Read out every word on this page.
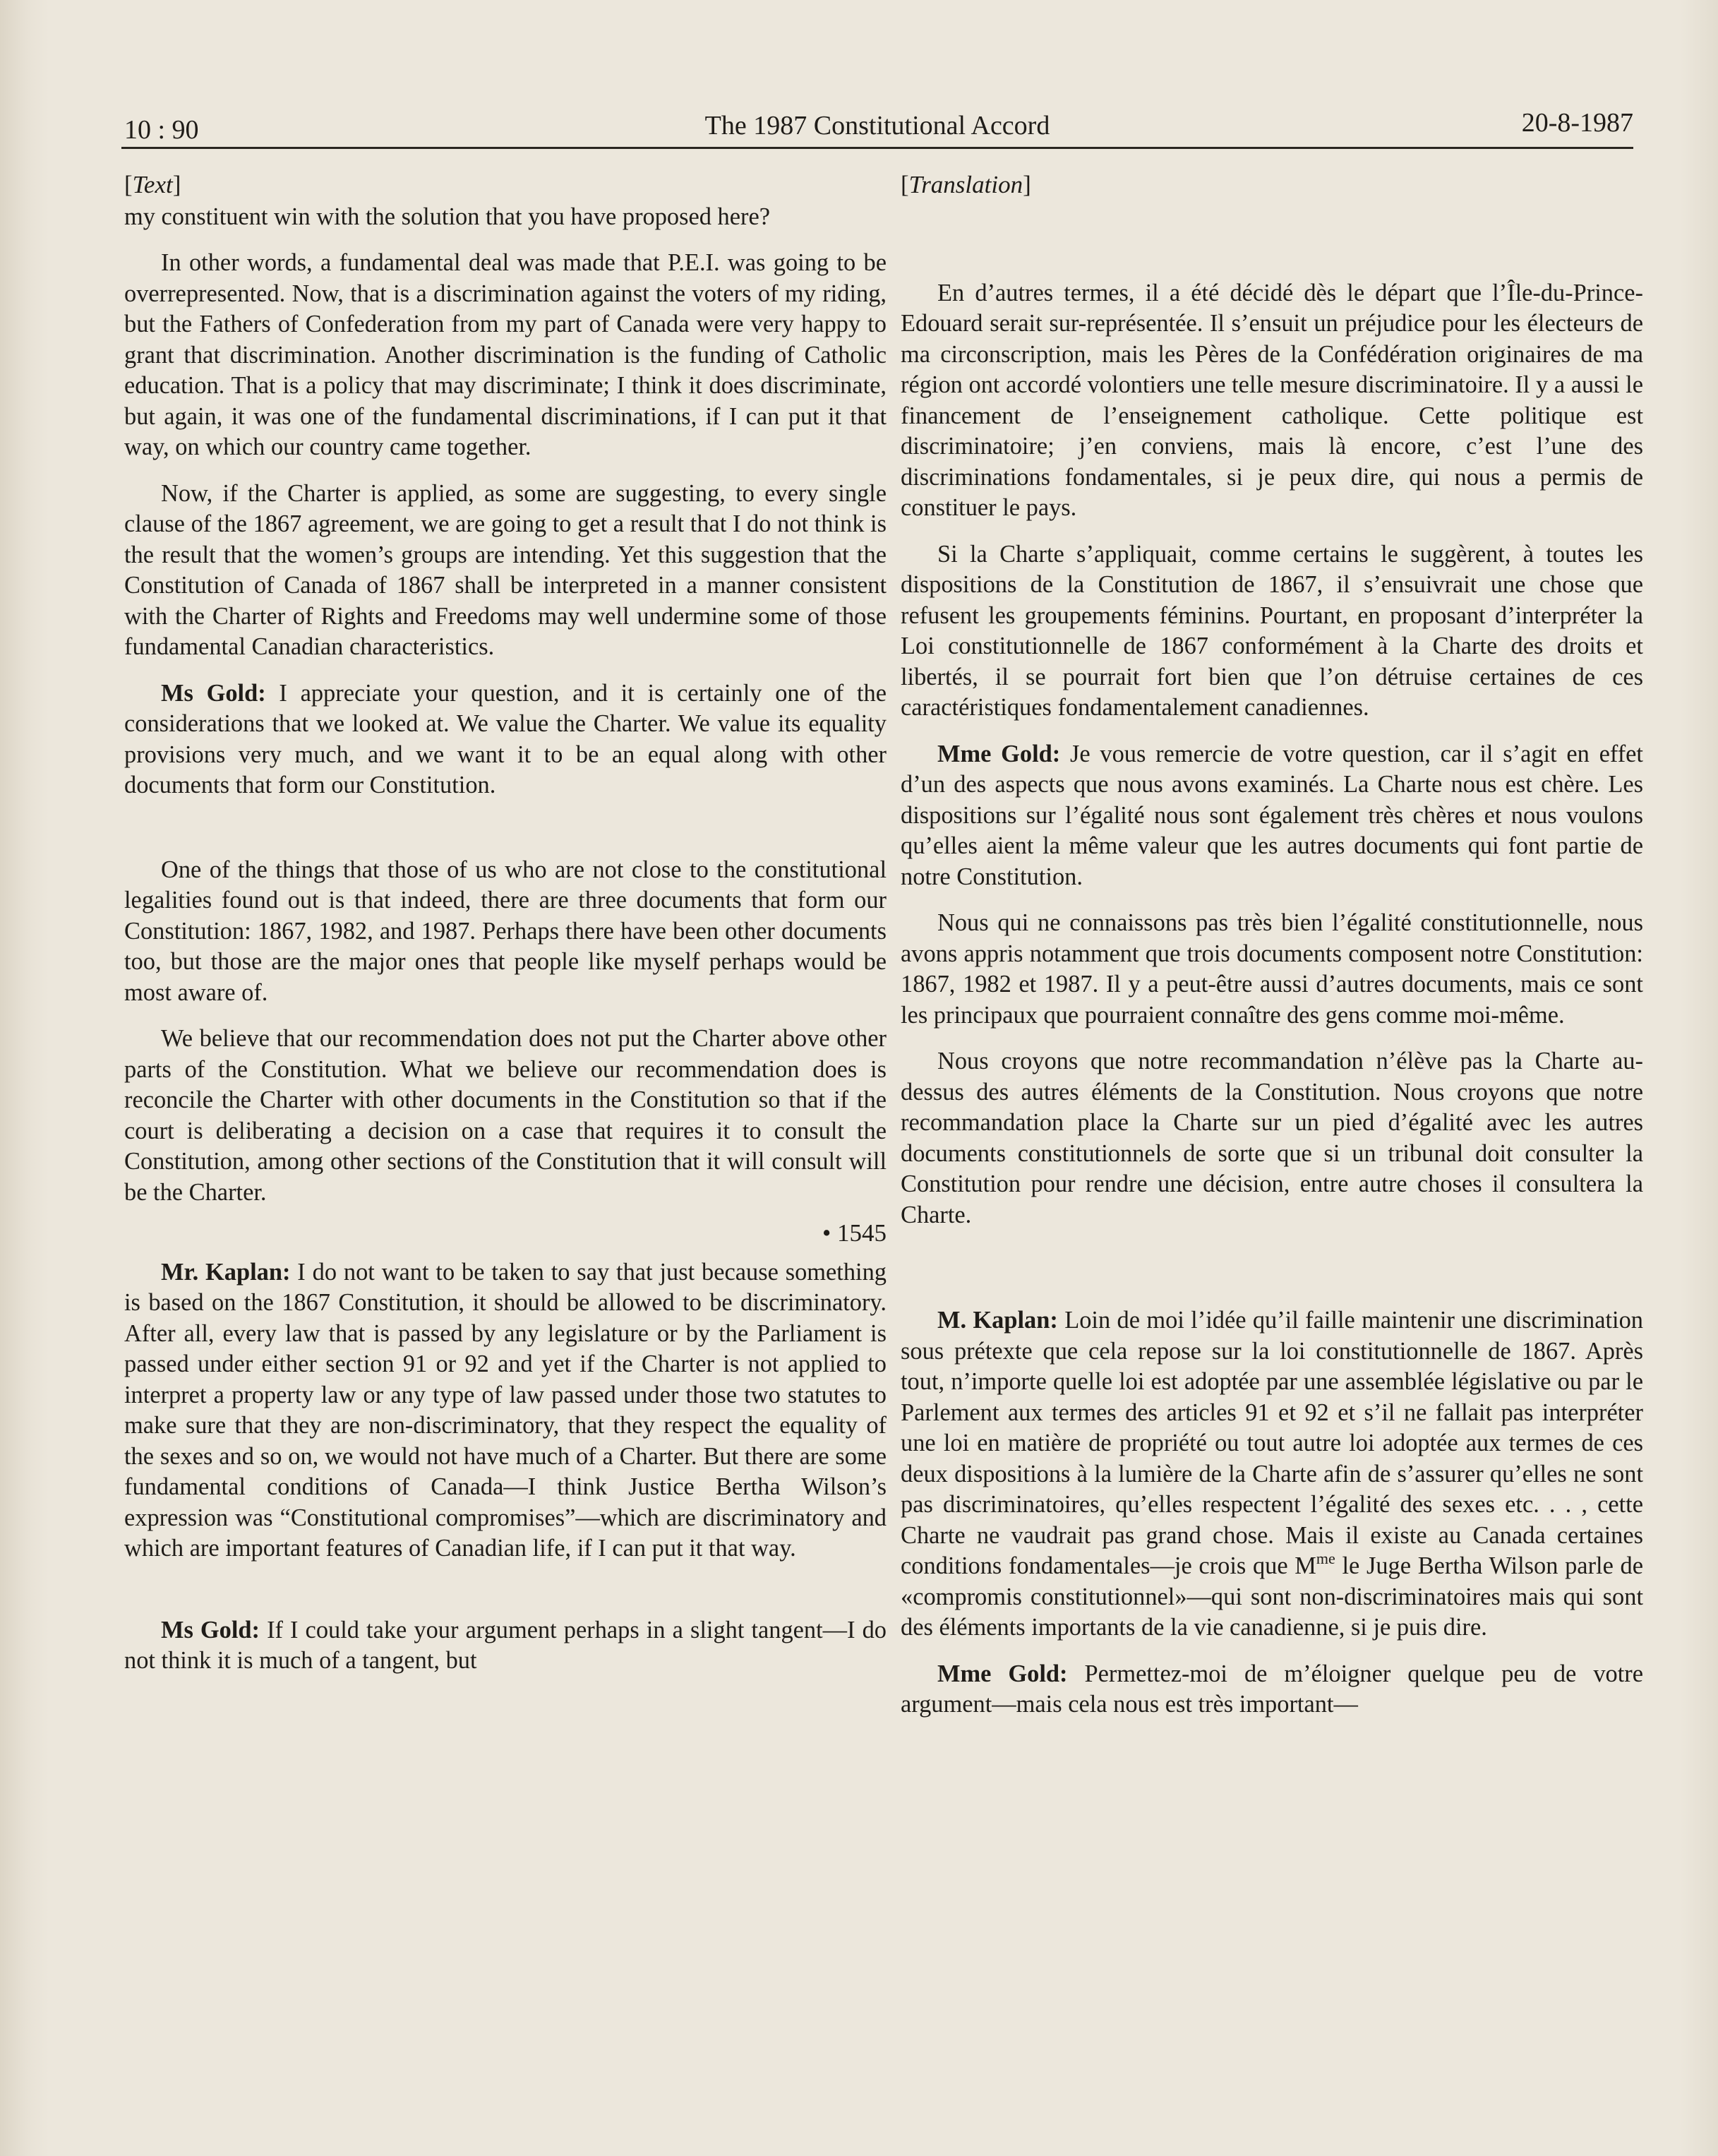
10 : 90	The 1987 Constitutional Accord	20-8-1987
[Text]

my constituent win with the solution that you have proposed here?

In other words, a fundamental deal was made that P.E.I. was going to be overrepresented. Now, that is a discrimination against the voters of my riding, but the Fathers of Confederation from my part of Canada were very happy to grant that discrimination. Another discrimination is the funding of Catholic education. That is a policy that may discriminate; I think it does discriminate, but again, it was one of the fundamental discriminations, if I can put it that way, on which our country came together.

Now, if the Charter is applied, as some are suggesting, to every single clause of the 1867 agreement, we are going to get a result that I do not think is the result that the women’s groups are intending. Yet this suggestion that the Constitution of Canada of 1867 shall be interpreted in a manner consistent with the Charter of Rights and Freedoms may well undermine some of those fundamental Canadian characteristics.

Ms Gold: I appreciate your question, and it is certainly one of the considerations that we looked at. We value the Charter. We value its equality provisions very much, and we want it to be an equal along with other documents that form our Constitution.

One of the things that those of us who are not close to the constitutional legalities found out is that indeed, there are three documents that form our Constitution: 1867, 1982, and 1987. Perhaps there have been other documents too, but those are the major ones that people like myself perhaps would be most aware of.

We believe that our recommendation does not put the Charter above other parts of the Constitution. What we believe our recommendation does is reconcile the Charter with other documents in the Constitution so that if the court is deliberating a decision on a case that requires it to consult the Constitution, among other sections of the Constitution that it will consult will be the Charter.

• 1545

Mr. Kaplan: I do not want to be taken to say that just because something is based on the 1867 Constitution, it should be allowed to be discriminatory. After all, every law that is passed by any legislature or by the Parliament is passed under either section 91 or 92 and yet if the Charter is not applied to interpret a property law or any type of law passed under those two statutes to make sure that they are non-discriminatory, that they respect the equality of the sexes and so on, we would not have much of a Charter. But there are some fundamental conditions of Canada—I think Justice Bertha Wilson’s expression was “Constitutional compromises”—which are discriminatory and which are important features of Canadian life, if I can put it that way.

Ms Gold: If I could take your argument perhaps in a slight tangent—I do not think it is much of a tangent, but

[Translation]

En d’autres termes, il a été décidé dès le départ que l’Île-du-Prince-Edouard serait sur-représentée. Il s’ensuit un préjudice pour les électeurs de ma circonscription, mais les Pères de la Confédération originaires de ma région ont accordé volontiers une telle mesure discriminatoire. Il y a aussi le financement de l’enseignement catholique. Cette politique est discriminatoire; j’en conviens, mais là encore, c’est l’une des discriminations fondamentales, si je peux dire, qui nous a permis de constituer le pays.

Si la Charte s’appliquait, comme certains le suggèrent, à toutes les dispositions de la Constitution de 1867, il s’ensuivrait une chose que refusent les groupements féminins. Pourtant, en proposant d’interpréter la Loi constitutionnelle de 1867 conformément à la Charte des droits et libertés, il se pourrait fort bien que l’on détruise certaines de ces caractéristiques fondamentalement canadiennes.

Mme Gold: Je vous remercie de votre question, car il s’agit en effet d’un des aspects que nous avons examinés. La Charte nous est chère. Les dispositions sur l’égalité nous sont également très chères et nous voulons qu’elles aient la même valeur que les autres documents qui font partie de notre Constitution.

Nous qui ne connaissons pas très bien l’égalité constitutionnelle, nous avons appris notamment que trois documents composent notre Constitution: 1867, 1982 et 1987. Il y a peut-être aussi d’autres documents, mais ce sont les principaux que pourraient connaître des gens comme moi-même.

Nous croyons que notre recommandation n’élève pas la Charte au-dessus des autres éléments de la Constitution. Nous croyons que notre recommandation place la Charte sur un pied d’égalité avec les autres documents constitutionnels de sorte que si un tribunal doit consulter la Constitution pour rendre une décision, entre autre choses il consultera la Charte.

M. Kaplan: Loin de moi l’idée qu’il faille maintenir une discrimination sous prétexte que cela repose sur la loi constitutionnelle de 1867. Après tout, n’importe quelle loi est adoptée par une assemblée législative ou par le Parlement aux termes des articles 91 et 92 et s’il ne fallait pas interpréter une loi en matière de propriété ou tout autre loi adoptée aux termes de ces deux dispositions à la lumière de la Charte afin de s’assurer qu’elles ne sont pas discriminatoires, qu’elles respectent l’égalité des sexes etc. . . , cette Charte ne vaudrait pas grand chose. Mais il existe au Canada certaines conditions fondamentales—je crois que $M^{me}$ le Juge Bertha Wilson parle de «compromis constitutionnel»—qui sont non-discriminatoires mais qui sont des éléments importants de la vie canadienne, si je puis dire.

Mme Gold: Permettez-moi de m’éloigner quelque peu de votre argument—mais cela nous est très important—
